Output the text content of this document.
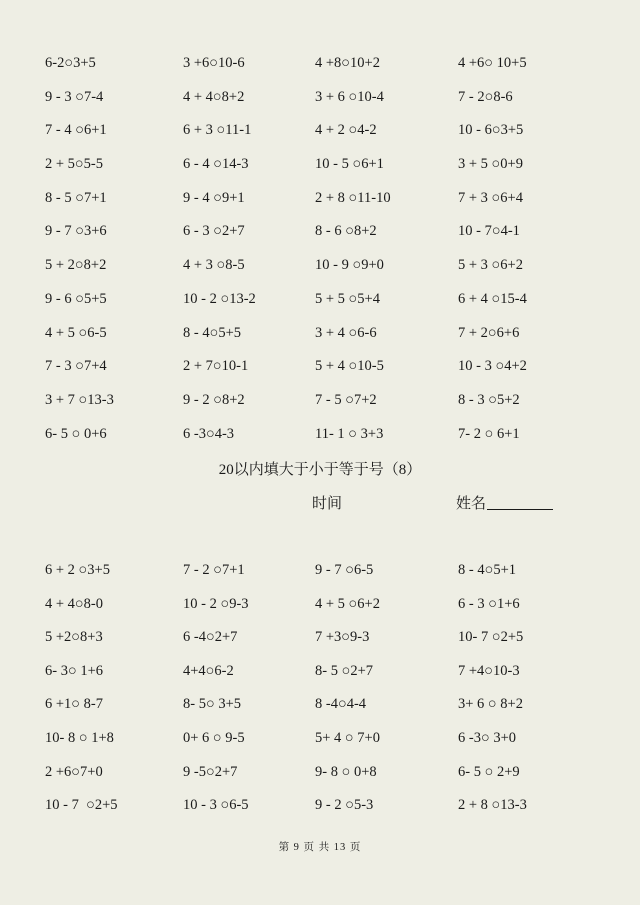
6-2○3+5	3 +6○10-6	4 +8○10+2	4 +6○ 10+5
9 - 3 ○7-4	4 + 4○8+2	3 + 6 ○10-4	7 - 2○8-6
7 - 4 ○6+1	6 + 3 ○11-1	4 + 2 ○4-2	10 - 6○3+5
2 + 5○5-5	6 - 4 ○14-3	10 - 5 ○6+1	3 + 5 ○0+9
8 - 5 ○7+1	9 - 4 ○9+1	2 + 8 ○11-10	7 + 3 ○6+4
9 - 7 ○3+6	6 - 3 ○2+7	8 - 6 ○8+2	10 - 7○4-1
5 + 2○8+2	4 + 3 ○8-5	10 - 9 ○9+0	5 + 3 ○6+2
9 - 6 ○5+5	10 - 2 ○13-2	5 + 5 ○5+4	6 + 4 ○15-4
4 + 5 ○6-5	8 - 4○5+5	3 + 4 ○6-6	7 + 2○6+6
7 - 3 ○7+4	2 + 7○10-1	5 + 4 ○10-5	10 - 3 ○4+2
3 + 7 ○13-3	9 - 2 ○8+2	7 - 5 ○7+2	8 - 3 ○5+2
6- 5 ○ 0+6	6 -3○4-3	11- 1 ○ 3+3	7- 2 ○ 6+1
20以内填大于小于等于号（8）
时间	姓名
6 + 2 ○3+5	7 - 2 ○7+1	9 - 7 ○6-5	8 - 4○5+1
4 + 4○8-0	10 - 2 ○9-3	4 + 5 ○6+2	6 - 3 ○1+6
5 +2○8+3	6 -4○2+7	7 +3○9-3	10- 7 ○2+5
6- 3○ 1+6	4+4○6-2	8- 5 ○2+7	7 +4○10-3
6 +1○ 8-7	8- 5○ 3+5	8 -4○4-4	3+ 6 ○ 8+2
10- 8 ○ 1+8	0+ 6 ○ 9-5	5+ 4 ○ 7+0	6 -3○ 3+0
2 +6○7+0	9 -5○2+7	9- 8 ○ 0+8	6- 5 ○ 2+9
10 - 7  ○2+5	10 - 3 ○6-5	9 - 2 ○5-3	2 + 8 ○13-3
第 9 页 共 13 页
